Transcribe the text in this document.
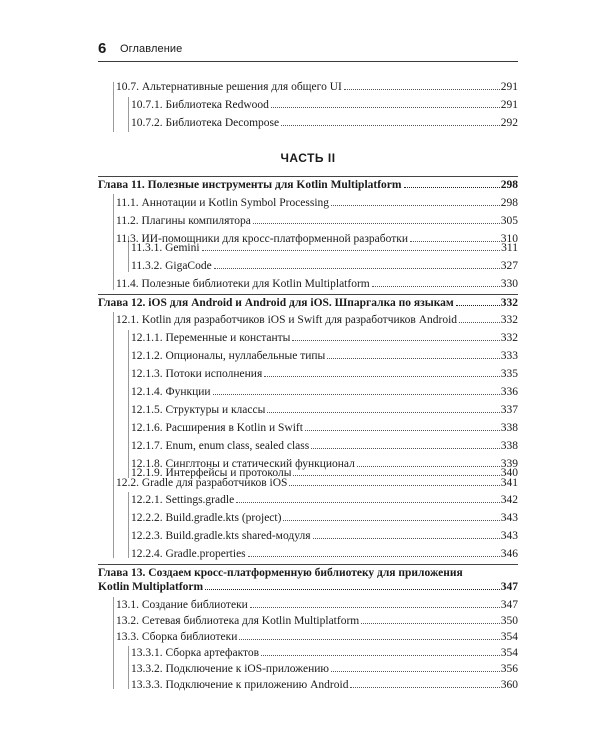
6 Оглавление
10.7. Альтернативные решения для общего UI	291
10.7.1. Библиотека Redwood	291
10.7.2. Библиотека Decompose	292
ЧАСТЬ II
Глава 11. Полезные инструменты для Kotlin Multiplatform	298
11.1. Аннотации и Kotlin Symbol Processing	298
11.2. Плагины компилятора	305
11.3. ИИ-помощники для кросс-платформенной разработки	310
11.3.1. Gemini	311
11.3.2. GigaCode	327
11.4. Полезные библиотеки для Kotlin Multiplatform	330
Глава 12. iOS для Android и Android для iOS. Шпаргалка по языкам	332
12.1. Kotlin для разработчиков iOS и Swift для разработчиков Android	332
12.1.1. Переменные и константы	332
12.1.2. Опционалы, нуллабельные типы	333
12.1.3. Потоки исполнения	335
12.1.4. Функции	336
12.1.5. Структуры и классы	337
12.1.6. Расширения в Kotlin и Swift	338
12.1.7. Enum, enum class, sealed class	338
12.1.8. Синглтоны и статический функционал	339
12.1.9. Интерфейсы и протоколы	340
12.2. Gradle для разработчиков iOS	341
12.2.1. Settings.gradle	342
12.2.2. Build.gradle.kts (project)	343
12.2.3. Build.gradle.kts shared-модуля	343
12.2.4. Gradle.properties	346
Глава 13. Создаем кросс-платформенную библиотеку для приложения
Kotlin Multiplatform	347
13.1. Создание библиотеки	347
13.2. Сетевая библиотека для Kotlin Multiplatform	350
13.3. Сборка библиотеки	354
13.3.1. Сборка артефактов	354
13.3.2. Подключение к iOS-приложению	356
13.3.3. Подключение к приложению Android	360
